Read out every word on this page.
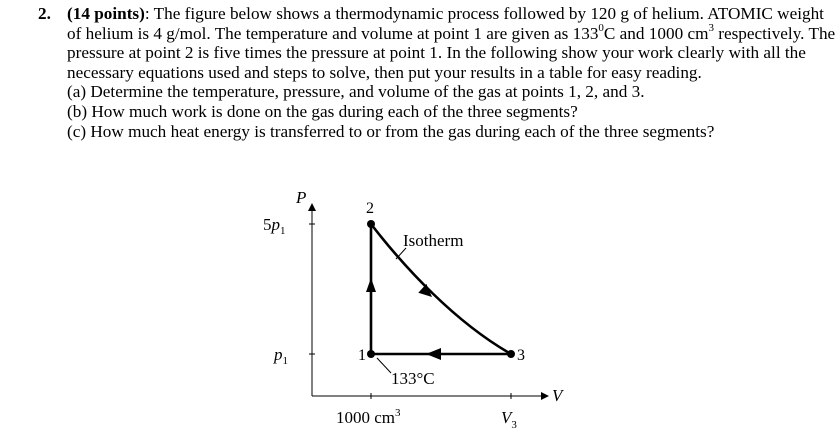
2. (14 points): The figure below shows a thermodynamic process followed by 120 g of helium. ATOMIC weight of helium is 4 g/mol. The temperature and volume at point 1 are given as $133^0C$ and 1000 $cm^3$ respectively. The pressure at point 2 is five times the pressure at point 1. In the following show your work clearly with all the necessary equations used and steps to solve, then put your results in a table for easy reading.
(a) Determine the temperature, pressure, and volume of the gas at points 1, 2, and 3.
(b) How much work is done on the gas during each of the three segments?
(c) How much heat energy is transferred to or from the gas during each of the three segments?
P
V
$5p_1$
$p_1$
1000 $cm^3$	$V_3$
1
2
3
Isotherm
133°C
